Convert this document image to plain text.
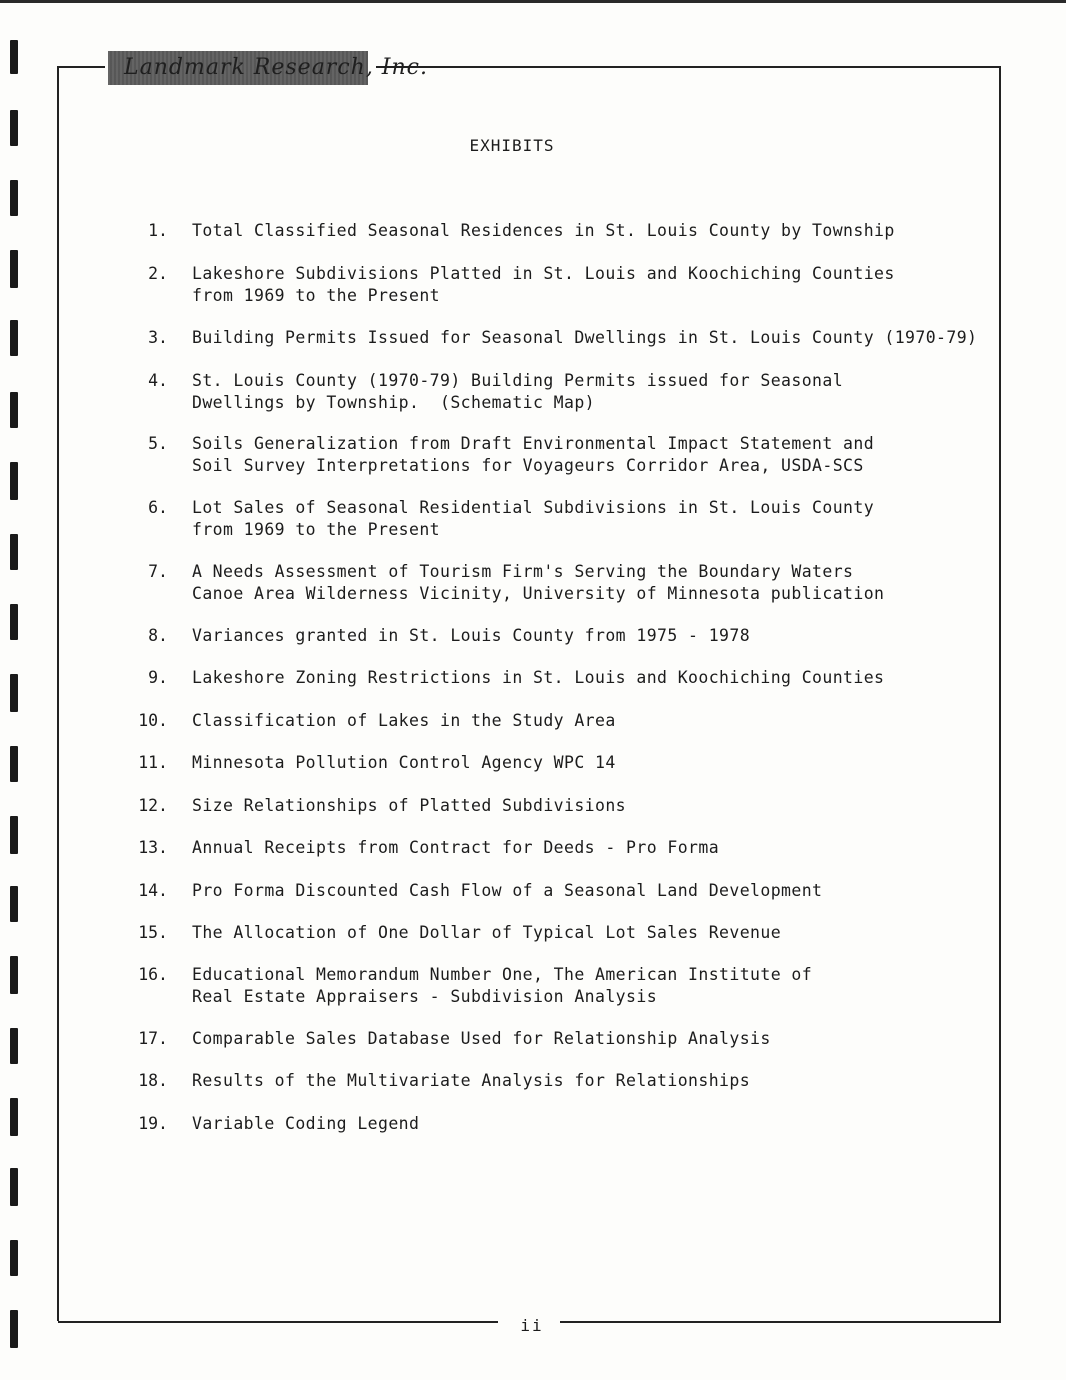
Landmark Research, Inc.
EXHIBITS
1. Total Classified Seasonal Residences in St. Louis County by Township
2. Lakeshore Subdivisions Platted in St. Louis and Koochiching Counties
from 1969 to the Present
3. Building Permits Issued for Seasonal Dwellings in St. Louis County (1970-79)
4. St. Louis County (1970-79) Building Permits issued for Seasonal
Dwellings by Township.  (Schematic Map)
5. Soils Generalization from Draft Environmental Impact Statement and
Soil Survey Interpretations for Voyageurs Corridor Area, USDA-SCS
6. Lot Sales of Seasonal Residential Subdivisions in St. Louis County
from 1969 to the Present
7. A Needs Assessment of Tourism Firm's Serving the Boundary Waters
Canoe Area Wilderness Vicinity, University of Minnesota publication
8. Variances granted in St. Louis County from 1975 - 1978
9. Lakeshore Zoning Restrictions in St. Louis and Koochiching Counties
10. Classification of Lakes in the Study Area
11. Minnesota Pollution Control Agency WPC 14
12. Size Relationships of Platted Subdivisions
13. Annual Receipts from Contract for Deeds - Pro Forma
14. Pro Forma Discounted Cash Flow of a Seasonal Land Development
15. The Allocation of One Dollar of Typical Lot Sales Revenue
16. Educational Memorandum Number One, The American Institute of
Real Estate Appraisers - Subdivision Analysis
17. Comparable Sales Database Used for Relationship Analysis
18. Results of the Multivariate Analysis for Relationships
19. Variable Coding Legend
ii
